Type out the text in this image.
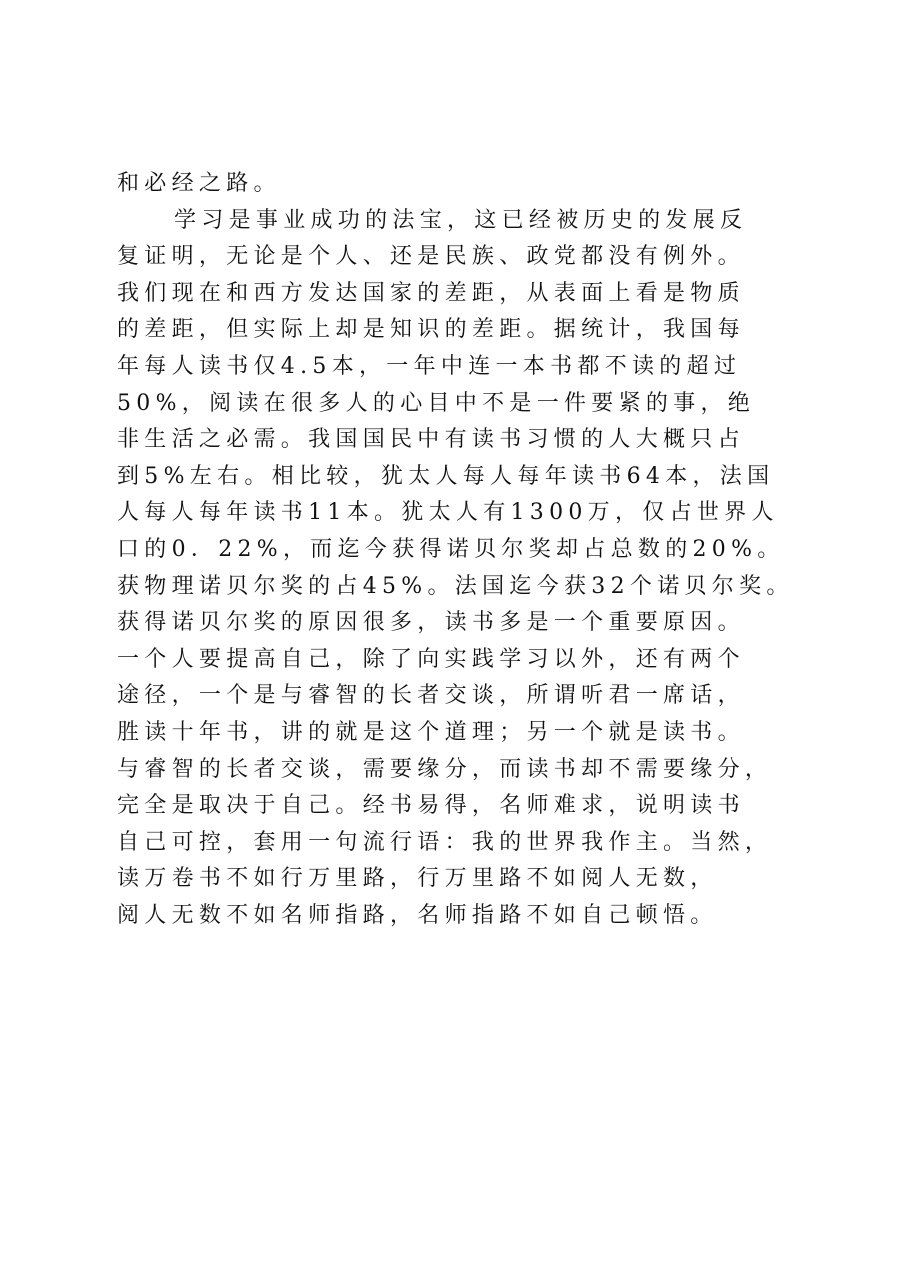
和必经之路。
学习是事业成功的法宝，这已经被历史的发展反
复证明，无论是个人、还是民族、政党都没有例外。
我们现在和西方发达国家的差距，从表面上看是物质
的差距，但实际上却是知识的差距。据统计，我国每
年每人读书仅4.5本，一年中连一本书都不读的超过
50%，阅读在很多人的心目中不是一件要紧的事，绝
非生活之必需。我国国民中有读书习惯的人大概只占
到5%左右。相比较，犹太人每人每年读书64本，法国
人每人每年读书11本。犹太人有1300万，仅占世界人
口的0．22%，而迄今获得诺贝尔奖却占总数的20%。
获物理诺贝尔奖的占45%。法国迄今获32个诺贝尔奖。
获得诺贝尔奖的原因很多，读书多是一个重要原因。
一个人要提高自己，除了向实践学习以外，还有两个
途径，一个是与睿智的长者交谈，所谓听君一席话，
胜读十年书，讲的就是这个道理；另一个就是读书。
与睿智的长者交谈，需要缘分，而读书却不需要缘分，
完全是取决于自己。经书易得，名师难求，说明读书
自己可控，套用一句流行语：我的世界我作主。当然，
读万卷书不如行万里路，行万里路不如阅人无数，
阅人无数不如名师指路，名师指路不如自己顿悟。
